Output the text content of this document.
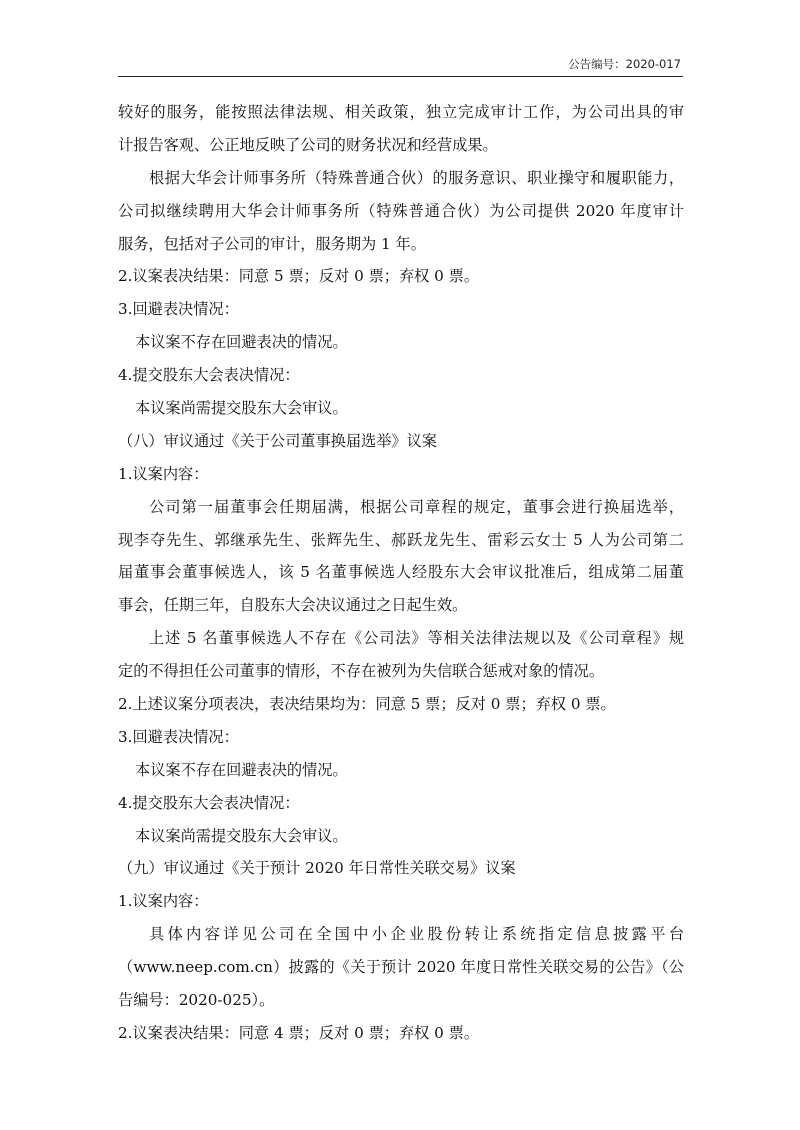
公告编号：2020-017
较好的服务，能按照法律法规、相关政策，独立完成审计工作，为公司出具的审
计报告客观、公正地反映了公司的财务状况和经营成果。
根据大华会计师事务所（特殊普通合伙）的服务意识、职业操守和履职能力，
公司拟继续聘用大华会计师事务所（特殊普通合伙）为公司提供 2020 年度审计
服务，包括对子公司的审计，服务期为 1 年。
2.议案表决结果：同意 5 票；反对 0 票；弃权 0 票。
3.回避表决情况：
本议案不存在回避表决的情况。
4.提交股东大会表决情况：
本议案尚需提交股东大会审议。
（八）审议通过《关于公司董事换届选举》议案
1.议案内容：
公司第一届董事会任期届满，根据公司章程的规定，董事会进行换届选举，
现李夺先生、郭继承先生、张辉先生、郝跃龙先生、雷彩云女士 5 人为公司第二
届董事会董事候选人，该 5 名董事候选人经股东大会审议批准后，组成第二届董
事会，任期三年，自股东大会决议通过之日起生效。
上述 5 名董事候选人不存在《公司法》等相关法律法规以及《公司章程》规
定的不得担任公司董事的情形，不存在被列为失信联合惩戒对象的情况。
2.上述议案分项表决，表决结果均为：同意 5 票；反对 0 票；弃权 0 票。
3.回避表决情况：
本议案不存在回避表决的情况。
4.提交股东大会表决情况：
本议案尚需提交股东大会审议。
（九）审议通过《关于预计 2020 年日常性关联交易》议案
1.议案内容：
具体内容详见公司在全国中小企业股份转让系统指定信息披露平台
（www.neep.com.cn）披露的《关于预计 2020 年度日常性关联交易的公告》（公
告编号：2020-025）。
2.议案表决结果：同意 4 票；反对 0 票；弃权 0 票。
